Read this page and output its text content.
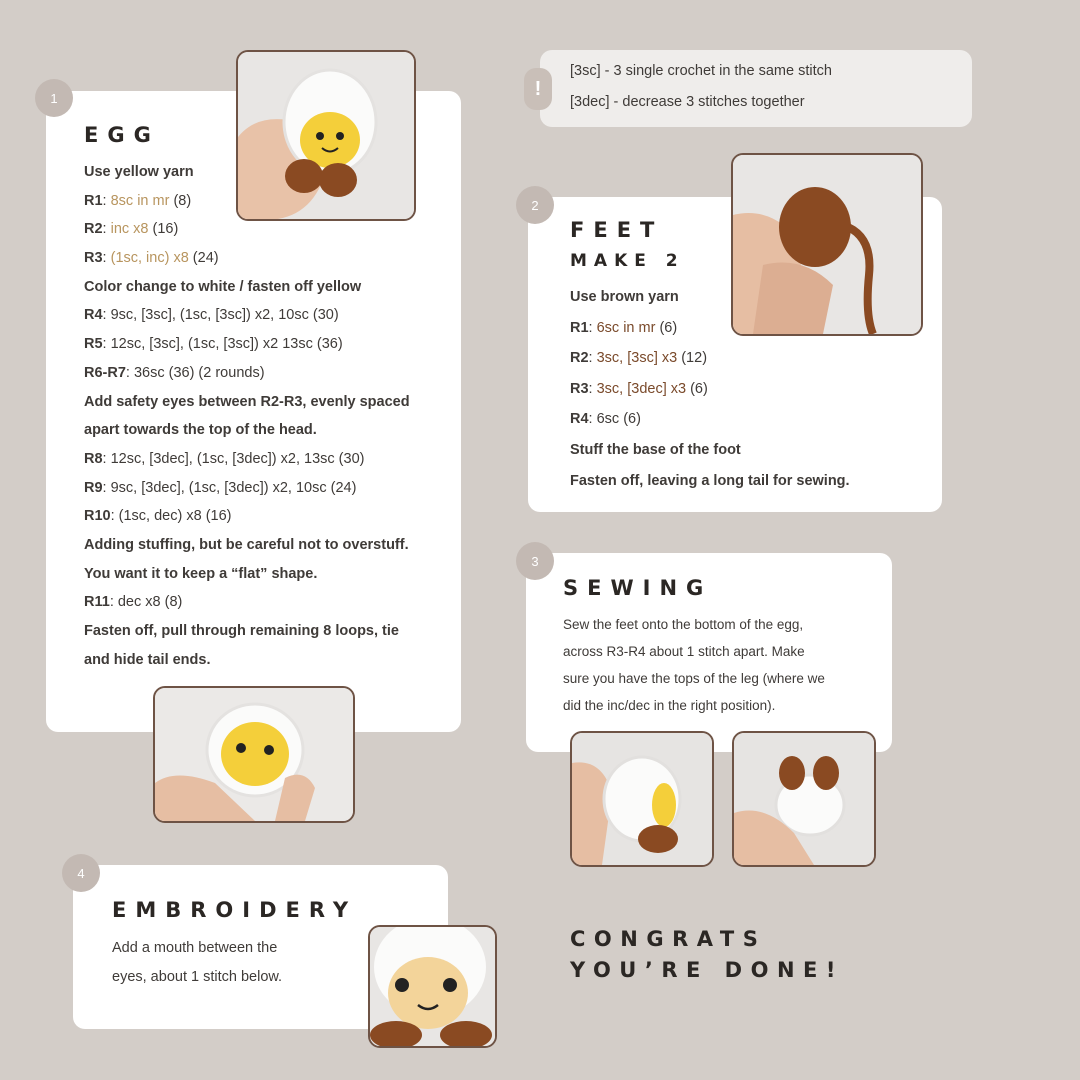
!
[3sc] - 3 single crochet in the same stitch
[3dec] - decrease 3 stitches together
1
EGG
Use yellow yarn
R1: 8sc in mr (8)
R2: inc x8 (16)
R3: (1sc, inc) x8 (24)
Color change to white / fasten off yellow
R4: 9sc, [3sc], (1sc, [3sc]) x2, 10sc (30)
R5: 12sc, [3sc], (1sc, [3sc]) x2 13sc (36)
R6-R7: 36sc (36) (2 rounds)
Add safety eyes between R2-R3, evenly spaced
apart towards the top of the head.
R8: 12sc, [3dec], (1sc, [3dec]) x2, 13sc (30)
R9: 9sc, [3dec], (1sc, [3dec]) x2, 10sc (24)
R10: (1sc, dec) x8 (16)
Adding stuffing, but be careful not to overstuff.
You want it to keep a “flat” shape.
R11: dec x8 (8)
Fasten off, pull through remaining 8 loops, tie
and hide tail ends.
2
FEET
MAKE 2
Use brown yarn
R1: 6sc in mr (6)
R2: 3sc, [3sc] x3 (12)
R3: 3sc, [3dec] x3 (6)
R4: 6sc (6)
Stuff the base of the foot
Fasten off, leaving a long tail for sewing.
3
SEWING
Sew the feet onto the bottom of the egg,
across R3-R4 about 1 stitch apart. Make
sure you have the tops of the leg (where we
did the inc/dec in the right position).
4
EMBROIDERY
Add a mouth between the
eyes, about 1 stitch below.
CONGRATS
YOU’RE DONE!
